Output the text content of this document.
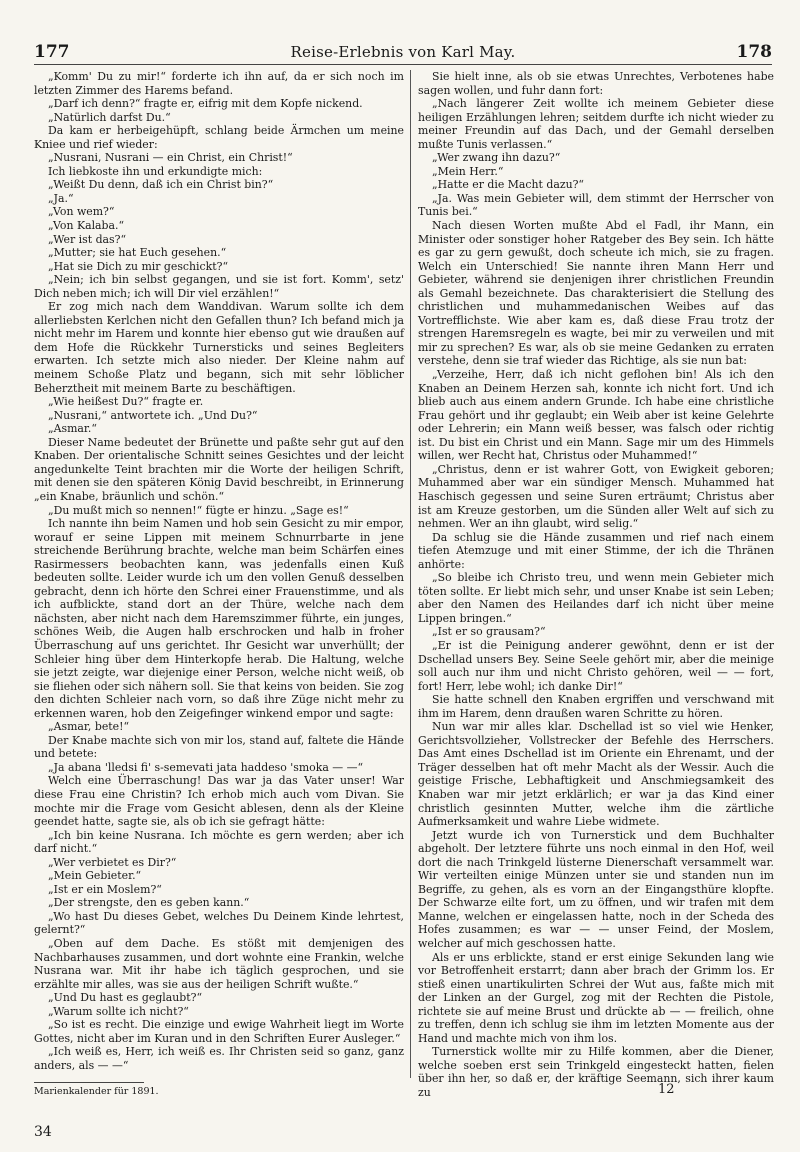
177	Reise-Erlebnis von Karl May.	178

„Komm' Du zu mir!“ forderte ich ihn auf, da er sich noch im letzten Zimmer des Harems befand.

„Darf ich denn?“ fragte er, eifrig mit dem Kopfe nickend.

„Natürlich darfst Du.“

Da kam er herbeigehüpft, schlang beide Ärmchen um meine Kniee und rief wieder:

„Nusrani, Nusrani — ein Christ, ein Christ!“

Ich liebkoste ihn und erkundigte mich:

„Weißt Du denn, daß ich ein Christ bin?“

„Ja.“

„Von wem?“

„Von Kalaba.“

„Wer ist das?“

„Mutter; sie hat Euch gesehen.“

„Hat sie Dich zu mir geschickt?“

„Nein; ich bin selbst gegangen, und sie ist fort. Komm', setz' Dich neben mich; ich will Dir viel erzählen!“

Er zog mich nach dem Wanddivan. Warum sollte ich dem allerliebsten Kerlchen nicht den Gefallen thun? Ich befand mich ja nicht mehr im Harem und konnte hier ebenso gut wie draußen auf dem Hofe die Rückkehr Turnersticks und seines Begleiters erwarten. Ich setzte mich also nieder. Der Kleine nahm auf meinem Schoße Platz und begann, sich mit sehr löblicher Beherztheit mit meinem Barte zu beschäftigen.

„Wie heißest Du?“ fragte er.

„Nusrani,“ antwortete ich. „Und Du?“

„Asmar.“

Dieser Name bedeutet der Brünette und paßte sehr gut auf den Knaben. Der orientalische Schnitt seines Gesichtes und der leicht angedunkelte Teint brachten mir die Worte der heiligen Schrift, mit denen sie den späteren König David beschreibt, in Erinnerung „ein Knabe, bräunlich und schön.“

„Du mußt mich so nennen!“ fügte er hinzu. „Sage es!“

Ich nannte ihn beim Namen und hob sein Gesicht zu mir empor, worauf er seine Lippen mit meinem Schnurrbarte in jene streichende Berührung brachte, welche man beim Schärfen eines Rasirmessers beobachten kann, was jedenfalls einen Kuß bedeuten sollte. Leider wurde ich um den vollen Genuß desselben gebracht, denn ich hörte den Schrei einer Frauenstimme, und als ich aufblickte, stand dort an der Thüre, welche nach dem nächsten, aber nicht nach dem Haremszimmer führte, ein junges, schönes Weib, die Augen halb erschrocken und halb in froher Überraschung auf uns gerichtet. Ihr Gesicht war unverhüllt; der Schleier hing über dem Hinterkopfe herab. Die Haltung, welche sie jetzt zeigte, war diejenige einer Person, welche nicht weiß, ob sie fliehen oder sich nähern soll. Sie that keins von beiden. Sie zog den dichten Schleier nach vorn, so daß ihre Züge nicht mehr zu erkennen waren, hob den Zeigefinger winkend empor und sagte:

„Asmar, bete!“

Der Knabe machte sich von mir los, stand auf, faltete die Hände und betete:

„Ja abana 'lledsi fi' s-semevati jata haddeso 'smoka — —“

Welch eine Überraschung! Das war ja das Vater unser! War diese Frau eine Christin? Ich erhob mich auch vom Divan. Sie mochte mir die Frage vom Gesicht ablesen, denn als der Kleine geendet hatte, sagte sie, als ob ich sie gefragt hätte:

„Ich bin keine Nusrana. Ich möchte es gern werden; aber ich darf nicht.“

„Wer verbietet es Dir?“

„Mein Gebieter.“

„Ist er ein Moslem?“

„Der strengste, den es geben kann.“

„Wo hast Du dieses Gebet, welches Du Deinem Kinde lehrtest, gelernt?“

„Oben auf dem Dache. Es stößt mit demjenigen des Nachbarhauses zusammen, und dort wohnte eine Frankin, welche Nusrana war. Mit ihr habe ich täglich gesprochen, und sie erzählte mir alles, was sie aus der heiligen Schrift wußte.“

„Und Du hast es geglaubt?“

„Warum sollte ich nicht?“

„So ist es recht. Die einzige und ewige Wahrheit liegt im Worte Gottes, nicht aber im Kuran und in den Schriften Eurer Ausleger.“

„Ich weiß es, Herr, ich weiß es. Ihr Christen seid so ganz, ganz anders, als — —“

Sie hielt inne, als ob sie etwas Unrechtes, Verbotenes habe sagen wollen, und fuhr dann fort:

„Nach längerer Zeit wollte ich meinem Gebieter diese heiligen Erzählungen lehren; seitdem durfte ich nicht wieder zu meiner Freundin auf das Dach, und der Gemahl derselben mußte Tunis verlassen.“

„Wer zwang ihn dazu?“

„Mein Herr.“

„Hatte er die Macht dazu?“

„Ja. Was mein Gebieter will, dem stimmt der Herrscher von Tunis bei.“

Nach diesen Worten mußte Abd el Fadl, ihr Mann, ein Minister oder sonstiger hoher Ratgeber des Bey sein. Ich hätte es gar zu gern gewußt, doch scheute ich mich, sie zu fragen. Welch ein Unterschied! Sie nannte ihren Mann Herr und Gebieter, während sie denjenigen ihrer christlichen Freundin als Gemahl bezeichnete. Das charakterisiert die Stellung des christlichen und muhammedanischen Weibes auf das Vortrefflichste. Wie aber kam es, daß diese Frau trotz der strengen Haremsregeln es wagte, bei mir zu verweilen und mit mir zu sprechen? Es war, als ob sie meine Gedanken zu erraten verstehe, denn sie traf wieder das Richtige, als sie nun bat:

„Verzeihe, Herr, daß ich nicht geflohen bin! Als ich den Knaben an Deinem Herzen sah, konnte ich nicht fort. Und ich blieb auch aus einem andern Grunde. Ich habe eine christliche Frau gehört und ihr geglaubt; ein Weib aber ist keine Gelehrte oder Lehrerin; ein Mann weiß besser, was falsch oder richtig ist. Du bist ein Christ und ein Mann. Sage mir um des Himmels willen, wer Recht hat, Christus oder Muhammed!“

„Christus, denn er ist wahrer Gott, von Ewigkeit geboren; Muhammed aber war ein sündiger Mensch. Muhammed hat Haschisch gegessen und seine Suren erträumt; Christus aber ist am Kreuze gestorben, um die Sünden aller Welt auf sich zu nehmen. Wer an ihn glaubt, wird selig.“

Da schlug sie die Hände zusammen und rief nach einem tiefen Atemzuge und mit einer Stimme, der ich die Thränen anhörte:

„So bleibe ich Christo treu, und wenn mein Gebieter mich töten sollte. Er liebt mich sehr, und unser Knabe ist sein Leben; aber den Namen des Heilandes darf ich nicht über meine Lippen bringen.“

„Ist er so grausam?“

„Er ist die Peinigung anderer gewöhnt, denn er ist der Dschellad unsers Bey. Seine Seele gehört mir, aber die meinige soll auch nur ihm und nicht Christo gehören, weil — — fort, fort! Herr, lebe wohl; ich danke Dir!“

Sie hatte schnell den Knaben ergriffen und verschwand mit ihm im Harem, denn draußen waren Schritte zu hören.

Nun war mir alles klar. Dschellad ist so viel wie Henker, Gerichtsvollzieher, Vollstrecker der Befehle des Herrschers. Das Amt eines Dschellad ist im Oriente ein Ehrenamt, und der Träger desselben hat oft mehr Macht als der Wessir. Auch die geistige Frische, Lebhaftigkeit und Anschmiegsamkeit des Knaben war mir jetzt erklärlich; er war ja das Kind einer christlich gesinnten Mutter, welche ihm die zärtliche Aufmerksamkeit und wahre Liebe widmete.

Jetzt wurde ich von Turnerstick und dem Buchhalter abgeholt. Der letztere führte uns noch einmal in den Hof, weil dort die nach Trinkgeld lüsterne Dienerschaft versammelt war. Wir verteilten einige Münzen unter sie und standen nun im Begriffe, zu gehen, als es vorn an der Eingangsthüre klopfte. Der Schwarze eilte fort, um zu öffnen, und wir trafen mit dem Manne, welchen er eingelassen hatte, noch in der Scheda des Hofes zusammen; es war — — unser Feind, der Moslem, welcher auf mich geschossen hatte.

Als er uns erblickte, stand er erst einige Sekunden lang wie vor Betroffenheit erstarrt; dann aber brach der Grimm los. Er stieß einen unartikulirten Schrei der Wut aus, faßte mich mit der Linken an der Gurgel, zog mit der Rechten die Pistole, richtete sie auf meine Brust und drückte ab — — freilich, ohne zu treffen, denn ich schlug sie ihm im letzten Momente aus der Hand und machte mich von ihm los.

Turnerstick wollte mir zu Hilfe kommen, aber die Diener, welche soeben erst sein Trinkgeld eingesteckt hatten, fielen über ihn her, so daß er, der kräftige Seemann, sich ihrer kaum zu

Marienkalender für 1891.	12
34
